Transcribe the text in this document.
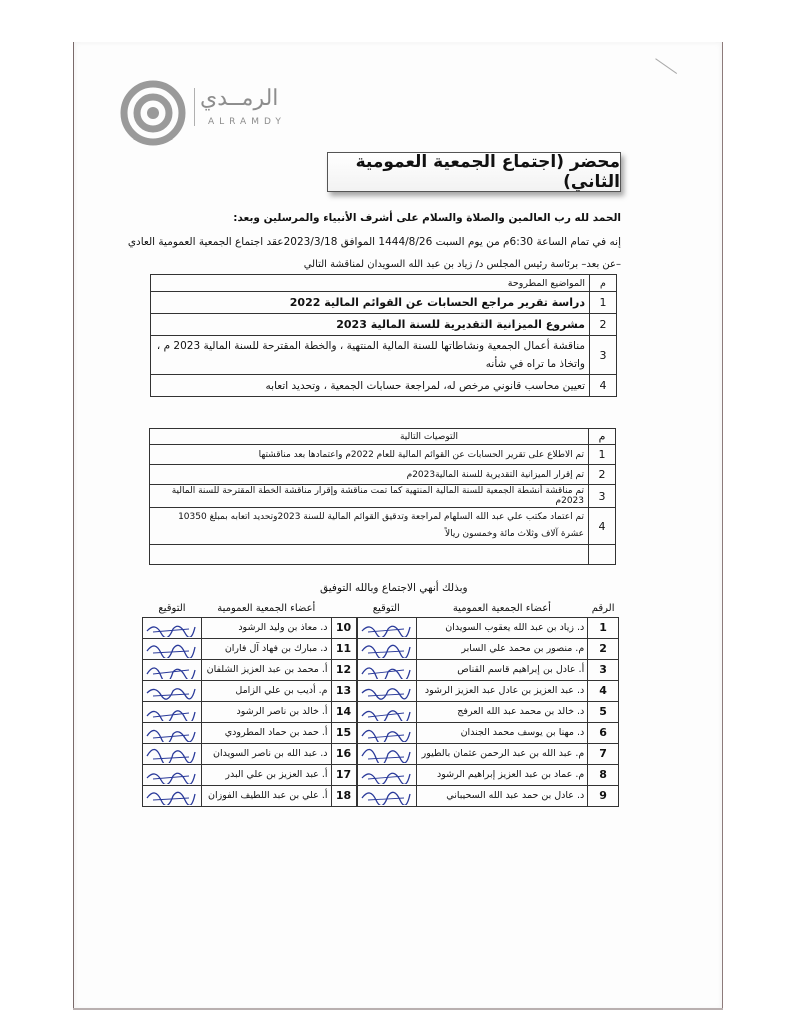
الرمــدي
ALRAMDY
محضر (اجتماع الجمعية العمومية الثاني)
الحمد لله رب العالمين والصلاة والسلام على أشرف الأنبياء والمرسلين وبعد:
إنه في تمام الساعة 6:30م من يوم السبت 1444/8/26 الموافق 2023/3/18عقد اجتماع الجمعية العمومية العادي
–عن بعد– برئاسة رئيس المجلس د/ زياد بن عبد الله السويدان لمناقشة التالي
م	المواضيع المطروحة
1	دراسة تقرير مراجع الحسابات عن القوائم المالية 2022
2	مشروع الميزانية التقديرية للسنة المالية 2023
3	مناقشة أعمال الجمعية ونشاطاتها للسنة المالية المنتهية ، والخطة المقترحة للسنة المالية 2023 م ، واتخاذ ما تراه في شأنه
4	تعيين محاسب قانوني مرخص له، لمراجعة حسابات الجمعية ، وتحديد اتعابه
م	التوصيات التالية
1	تم الاطلاع على تقرير الحسابات عن القوائم المالية للعام 2022م واعتمادها بعد مناقشتها
2	تم إقرار الميزانية التقديرية للسنة المالية2023م
3	تم مناقشة أنشطة الجمعية للسنة المالية المنتهية كما تمت مناقشة وإقرار مناقشة الخطة المقترحة للسنة المالية 2023م
4	تم اعتماد مكتب علي عبد الله السلهام لمراجعة وتدقيق القوائم المالية للسنة 2023وتحديد اتعابه بمبلغ 10350 عشرة آلاف وثلاث مائة وخمسون ريالاً

وبذلك أنهي الاجتماع وبالله التوفيق
الرقم	أعضاء الجمعية العمومية	التوقيع		أعضاء الجمعية العمومية	التوقيع
1	د. زياد بن عبد الله يعقوب السويدان		10	د. معاذ بن وليد الرشود	

2	م. منصور بن محمد علي السابر		11	د. مبارك بن فهاد آل فاران	

3	أ. عادل بن إبراهيم قاسم القناص		12	أ. محمد بن عبد العزيز الشلفان	

4	د. عبد العزيز بن عادل عبد العزيز الرشود		13	م. أديب بن علي الزامل	

5	د. خالد بن محمد عبد الله العرفج		14	أ. خالد بن ناصر الرشود	

6	د. مهنا بن يوسف محمد الجندان		15	أ. حمد بن حماد المطرودي	

7	م. عبد الله بن عبد الرحمن عثمان بالطيور		16	د. عبد الله بن ناصر السويدان	

8	م. عماد بن عبد العزيز إبراهيم الرشود		17	أ. عبد العزيز بن علي البدر	

9	د. عادل بن حمد عبد الله السحيباني		18	أ. علي بن عبد اللطيف الفوزان	
